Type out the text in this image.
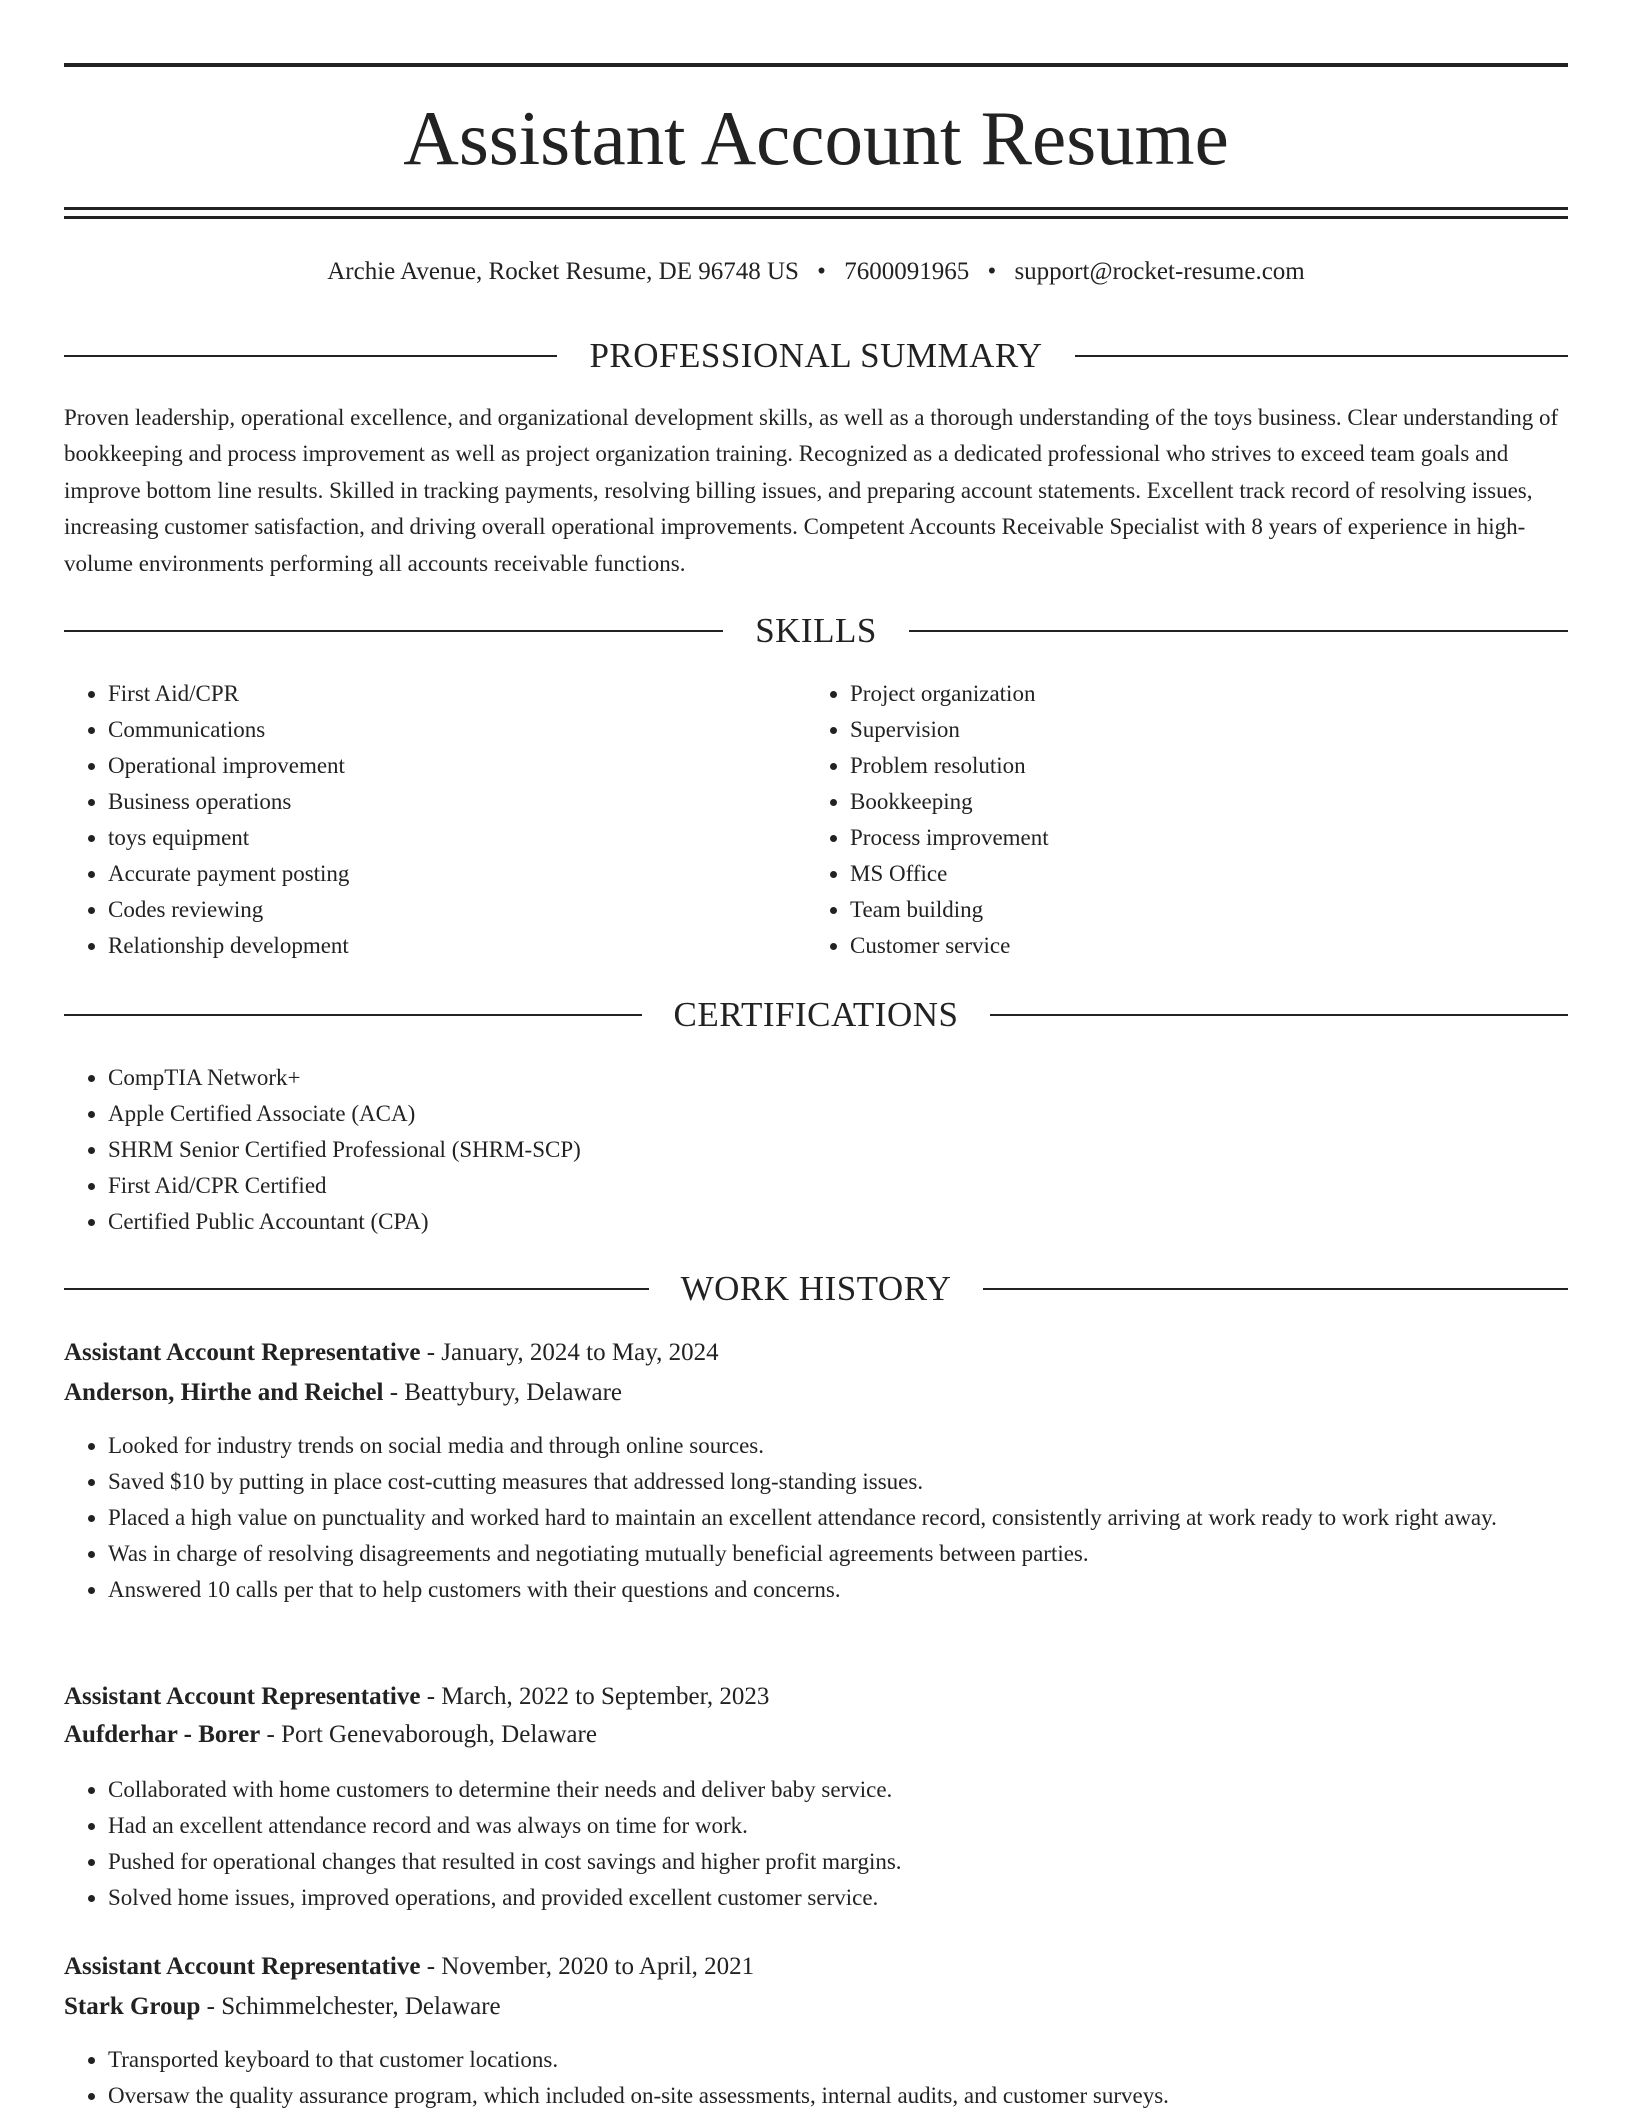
Assistant Account Resume
Archie Avenue, Rocket Resume, DE 96748 US • 7600091965 • support@rocket-resume.com
PROFESSIONAL SUMMARY

Proven leadership, operational excellence, and organizational development skills, as well as a thorough understanding of the toys business. Clear understanding of bookkeeping and process improvement as well as project organization training. Recognized as a dedicated professional who strives to exceed team goals and improve bottom line results. Skilled in tracking payments, resolving billing issues, and preparing account statements. Excellent track record of resolving issues, increasing customer satisfaction, and driving overall operational improvements. Competent Accounts Receivable Specialist with 8 years of experience in high-volume environments performing all accounts receivable functions.

SKILLS
• First Aid/CPR
• Communications
• Operational improvement
• Business operations
• toys equipment
• Accurate payment posting
• Codes reviewing
• Relationship development
• Project organization
• Supervision
• Problem resolution
• Bookkeeping
• Process improvement
• MS Office
• Team building
• Customer service
CERTIFICATIONS
• CompTIA Network+
• Apple Certified Associate (ACA)
• SHRM Senior Certified Professional (SHRM-SCP)
• First Aid/CPR Certified
• Certified Public Accountant (CPA)
WORK HISTORY
Assistant Account Representative - January, 2024 to May, 2024
Anderson, Hirthe and Reichel - Beattybury, Delaware
• Looked for industry trends on social media and through online sources.
• Saved $10 by putting in place cost-cutting measures that addressed long-standing issues.
• Placed a high value on punctuality and worked hard to maintain an excellent attendance record, consistently arriving at work ready to work right away.
• Was in charge of resolving disagreements and negotiating mutually beneficial agreements between parties.
• Answered 10 calls per that to help customers with their questions and concerns.
Assistant Account Representative - March, 2022 to September, 2023
Aufderhar - Borer - Port Genevaborough, Delaware
• Collaborated with home customers to determine their needs and deliver baby service.
• Had an excellent attendance record and was always on time for work.
• Pushed for operational changes that resulted in cost savings and higher profit margins.
• Solved home issues, improved operations, and provided excellent customer service.
Assistant Account Representative - November, 2020 to April, 2021
Stark Group - Schimmelchester, Delaware
• Transported keyboard to that customer locations.
• Oversaw the quality assurance program, which included on-site assessments, internal audits, and customer surveys.
